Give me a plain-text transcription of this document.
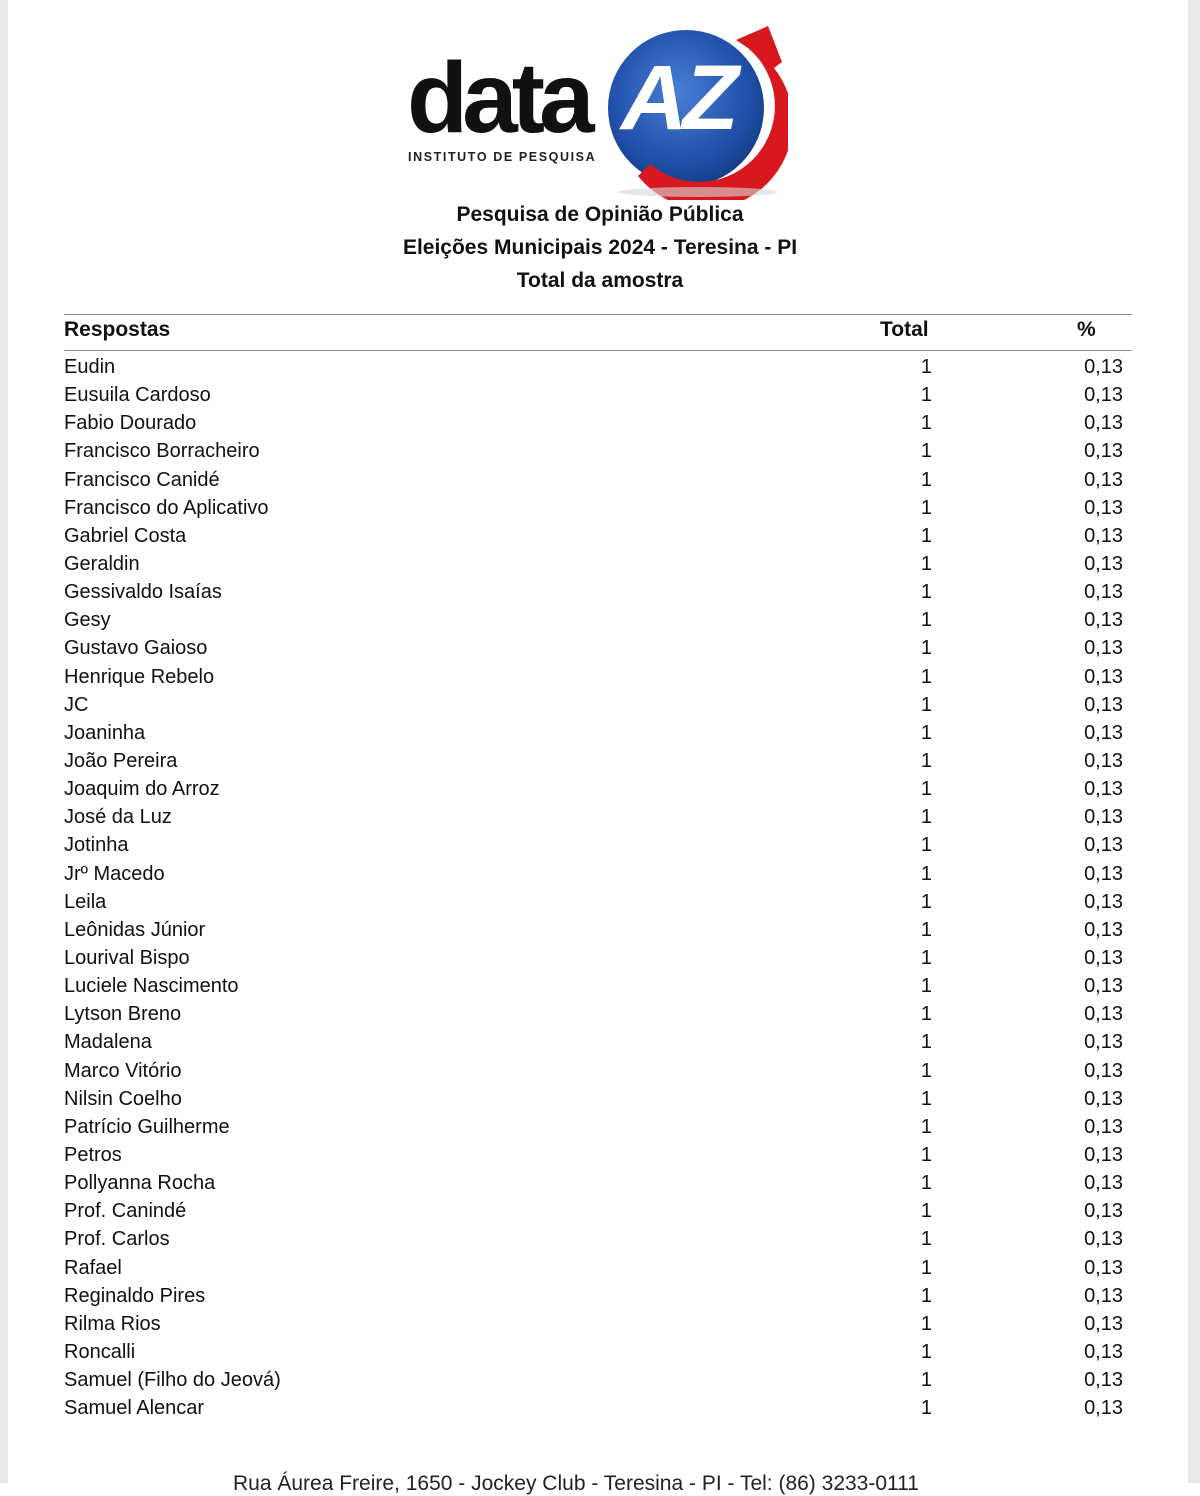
data
INSTITUTO DE PESQUISA
AZ
Pesquisa de Opinião Pública
Eleições Municipais 2024 - Teresina - PI
Total da amostra
Respostas	Total	%
Eudin	1	0,13
Eusuila Cardoso	1	0,13
Fabio Dourado	1	0,13
Francisco Borracheiro	1	0,13
Francisco Canidé	1	0,13
Francisco do Aplicativo	1	0,13
Gabriel Costa	1	0,13
Geraldin	1	0,13
Gessivaldo Isaías	1	0,13
Gesy	1	0,13
Gustavo Gaioso	1	0,13
Henrique Rebelo	1	0,13
JC	1	0,13
Joaninha	1	0,13
João Pereira	1	0,13
Joaquim do Arroz	1	0,13
José da Luz	1	0,13
Jotinha	1	0,13
Jrº Macedo	1	0,13
Leila	1	0,13
Leônidas Júnior	1	0,13
Lourival Bispo	1	0,13
Luciele Nascimento	1	0,13
Lytson Breno	1	0,13
Madalena	1	0,13
Marco Vitório	1	0,13
Nilsin Coelho	1	0,13
Patrício Guilherme	1	0,13
Petros	1	0,13
Pollyanna Rocha	1	0,13
Prof. Canindé	1	0,13
Prof. Carlos	1	0,13
Rafael	1	0,13
Reginaldo Pires	1	0,13
Rilma Rios	1	0,13
Roncalli	1	0,13
Samuel (Filho do Jeová)	1	0,13
Samuel Alencar	1	0,13
Rua Áurea Freire, 1650 - Jockey Club - Teresina - PI - Tel: (86) 3233-0111
